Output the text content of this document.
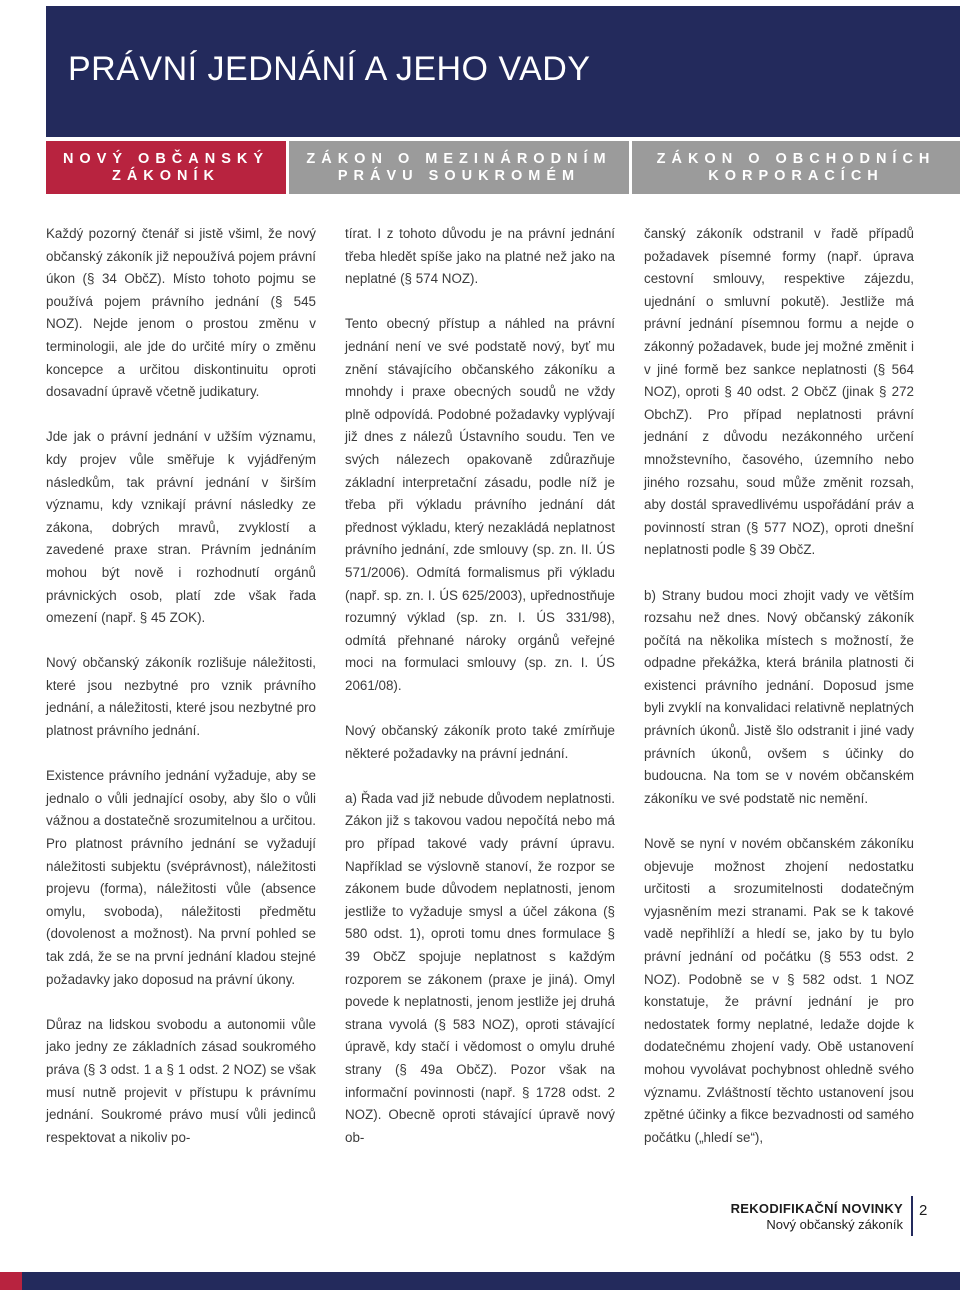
PRÁVNÍ JEDNÁNÍ A JEHO VADY
NOVÝ OBČANSKÝ ZÁKONÍK
ZÁKON O MEZINÁRODNÍM PRÁVU SOUKROMÉM
ZÁKON O OBCHODNÍCH KORPORACÍCH

Každý pozorný čtenář si jistě všiml, že nový občanský zákoník již nepoužívá pojem právní úkon (§ 34 ObčZ). Místo tohoto pojmu se používá pojem právního jednání (§ 545 NOZ). Nejde jenom o prostou změnu v terminologii, ale jde do určité míry o změnu koncepce a určitou diskontinuitu oproti dosavadní úpravě včetně judikatury.

Jde jak o právní jednání v užším významu, kdy projev vůle směřuje k vyjádřeným následkům, tak právní jednání v širším významu, kdy vznikají právní následky ze zákona, dobrých mravů, zvyklostí a zavedené praxe stran. Právním jednáním mohou být nově i rozhodnutí orgánů právnických osob, platí zde však řada omezení (např. § 45 ZOK).

Nový občanský zákoník rozlišuje náležitosti, které jsou nezbytné pro vznik právního jednání, a náležitosti, které jsou nezbytné pro platnost právního jednání.

Existence právního jednání vyžaduje, aby se jednalo o vůli jednající osoby, aby šlo o vůli vážnou a dostatečně srozumitelnou a určitou. Pro platnost právního jednání se vyžadují náležitosti subjektu (svéprávnost), náležitosti projevu (forma), náležitosti vůle (absence omylu, svoboda), náležitosti předmětu (dovolenost a možnost). Na první pohled se tak zdá, že se na první jednání kladou stejné požadavky jako doposud na právní úkony.

Důraz na lidskou svobodu a autonomii vůle jako jedny ze základních zásad soukromého práva (§ 3 odst. 1 a § 1 odst. 2 NOZ) se však musí nutně projevit v přístupu k právnímu jednání. Soukromé právo musí vůli jedinců respektovat a nikoliv po-

tírat. I z tohoto důvodu je na právní jednání třeba hledět spíše jako na platné než jako na neplatné (§ 574 NOZ).

Tento obecný přístup a náhled na právní jednání není ve své podstatě nový, byť mu znění stávajícího občanského zákoníku a mnohdy i praxe obecných soudů ne vždy plně odpovídá. Podobné požadavky vyplývají již dnes z nálezů Ústavního soudu. Ten ve svých nálezech opakovaně zdůrazňuje základní interpretační zásadu, podle níž je třeba při výkladu právního jednání dát přednost výkladu, který nezakládá neplatnost právního jednání, zde smlouvy (sp. zn. II. ÚS 571/2006). Odmítá formalismus při výkladu (např. sp. zn. I. ÚS 625/2003), upřednostňuje rozumný výklad (sp. zn. I. ÚS 331/98), odmítá přehnané nároky orgánů veřejné moci na formulaci smlouvy (sp. zn. I. ÚS 2061/08).

Nový občanský zákoník proto také zmírňuje některé požadavky na právní jednání.

a) Řada vad již nebude důvodem neplatnosti. Zákon již s takovou vadou nepočítá nebo má pro případ takové vady právní úpravu. Například se výslovně stanoví, že rozpor se zákonem bude důvodem neplatnosti, jenom jestliže to vyžaduje smysl a účel zákona (§ 580 odst. 1), oproti tomu dnes formulace § 39 ObčZ spojuje neplatnost s každým rozporem se zákonem (praxe je jiná). Omyl povede k neplatnosti, jenom jestliže jej druhá strana vyvolá (§ 583 NOZ), oproti stávající úpravě, kdy stačí i vědomost o omylu druhé strany (§ 49a ObčZ). Pozor však na informační povinnosti (např. § 1728 odst. 2 NOZ). Obecně oproti stávající úpravě nový ob-

čanský zákoník odstranil v řadě případů požadavek písemné formy (např. úprava cestovní smlouvy, respektive zájezdu, ujednání o smluvní pokutě). Jestliže má právní jednání písemnou formu a nejde o zákonný požadavek, bude jej možné změnit i v jiné formě bez sankce neplatnosti (§ 564 NOZ), oproti § 40 odst. 2 ObčZ (jinak § 272 ObchZ). Pro případ neplatnosti právní jednání z důvodu nezákonného určení množstevního, časového, územního nebo jiného rozsahu, soud může změnit rozsah, aby dostál spravedlivému uspořádání práv a povinností stran (§ 577 NOZ), oproti dnešní neplatnosti podle § 39 ObčZ.

b) Strany budou moci zhojit vady ve větším rozsahu než dnes. Nový občanský zákoník počítá na několika místech s možností, že odpadne překážka, která bránila platnosti či existenci právního jednání. Doposud jsme byli zvyklí na konvalidaci relativně neplatných právních úkonů. Jistě šlo odstranit i jiné vady právních úkonů, ovšem s účinky do budoucna. Na tom se v novém občanském zákoníku ve své podstatě nic nemění.

Nově se nyní v novém občanském zákoníku objevuje možnost zhojení nedostatku určitosti a srozumitelnosti dodatečným vyjasněním mezi stranami. Pak se k takové vadě nepřihlíží a hledí se, jako by tu bylo právní jednání od počátku (§ 553 odst. 2 NOZ). Podobně se v § 582 odst. 1 NOZ konstatuje, že právní jednání je pro nedostatek formy neplatné, ledaže dojde k dodatečnému zhojení vady. Obě ustanovení mohou vyvolávat pochybnost ohledně svého významu. Zvláštností těchto ustanovení jsou zpětné účinky a fikce bezvadnosti od samého počátku („hledí se“),

REKODIFIKAČNÍ NOVINKY
Nový občanský zákoník
2
